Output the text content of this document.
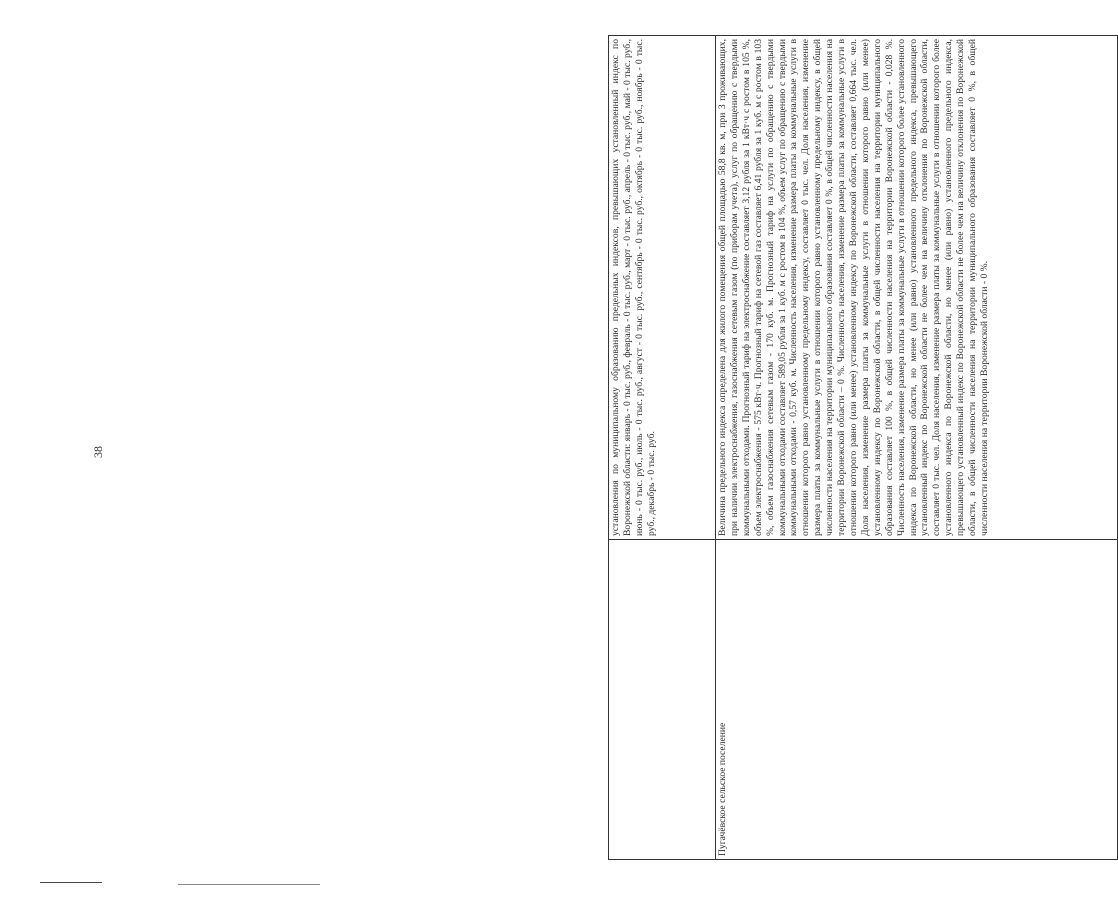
38
		установления по муниципальному образованию предельных индексов, превышающих установленный индекс по Воронежской области: январь - 0 тыс. руб., февраль - 0 тыс. руб., март - 0 тыс. руб., апрель - 0 тыс. руб., май - 0 тыс. руб., июнь - 0 тыс. руб., июль - 0 тыс. руб., август - 0 тыс. руб., сентябрь - 0 тыс. руб., октябрь - 0 тыс. руб., ноябрь - 0 тыс. руб., декабрь - 0 тыс. руб.
Пугачёвское сельское поселение	Величина предельного индекса определена для жилого помещения общей площадью 58,8 кв. м, при 3 проживающих, при наличии электроснабжения, газоснабжения сетевым газом (по приборам учета), услуг по обращению с твердыми коммунальными отходами. Прогнозный тариф на электроснабжение составляет 3,12 рубля за 1 кВт·ч с ростом в 105 %, объем электроснабжения - 575 кВт·ч. Прогнозный тариф на сетевой газ составляет 6,41 рубля за 1 куб. м с ростом в 103 %, объем газоснабжения сетевым газом - 170 куб. м. Прогнозный тариф на услуги по обращению с твердыми коммунальными отходами составляет 589,05 рубля за 1 куб. м с ростом в 104 %, объем услуг по обращению с твердыми коммунальными отходами - 0,57 куб. м. Численность населения, изменение размера платы за коммунальные услуги в отношении которого равно установленному предельному индексу, составляет 0 тыс. чел. Доля населения, изменение размера платы за коммунальные услуги в отношении которого равно установленному предельному индексу, в общей численности населения на территории муниципального образования составляет 0 %, в общей численности населения на территории Воронежской области – 0 %. Численность населения, изменение размера платы за коммунальные услуги в отношении которого равно (или менее) установленному индексу по Воронежской области, составляет 0,664 тыс. чел. Доля населения, изменение размера платы за коммунальные услуги в отношении которого равно (или менее) установленному индексу по Воронежской области, в общей численности населения на территории муниципального образования составляет 100 %, в общей численности населения на территории Воронежской области - 0,028 %. Численность населения, изменение размера платы за коммунальные услуги в отношении которого более установленного индекса по Воронежской области, но менее (или равно) установленного предельного индекса, превышающего установленный индекс по Воронежской области не более чем на величину отклонения по Воронежской области, составляет 0 тыс. чел. Доля населения, изменение размера платы за коммунальные услуги в отношении которого более установленного индекса по Воронежской области, но менее (или равно) установленного предельного индекса, превышающего установленный индекс по Воронежской области не более чем на величину отклонения по Воронежской области, в общей численности населения на территории муниципального образования составляет 0 %, в общей численности населения на территории Воронежской области - 0 %.
